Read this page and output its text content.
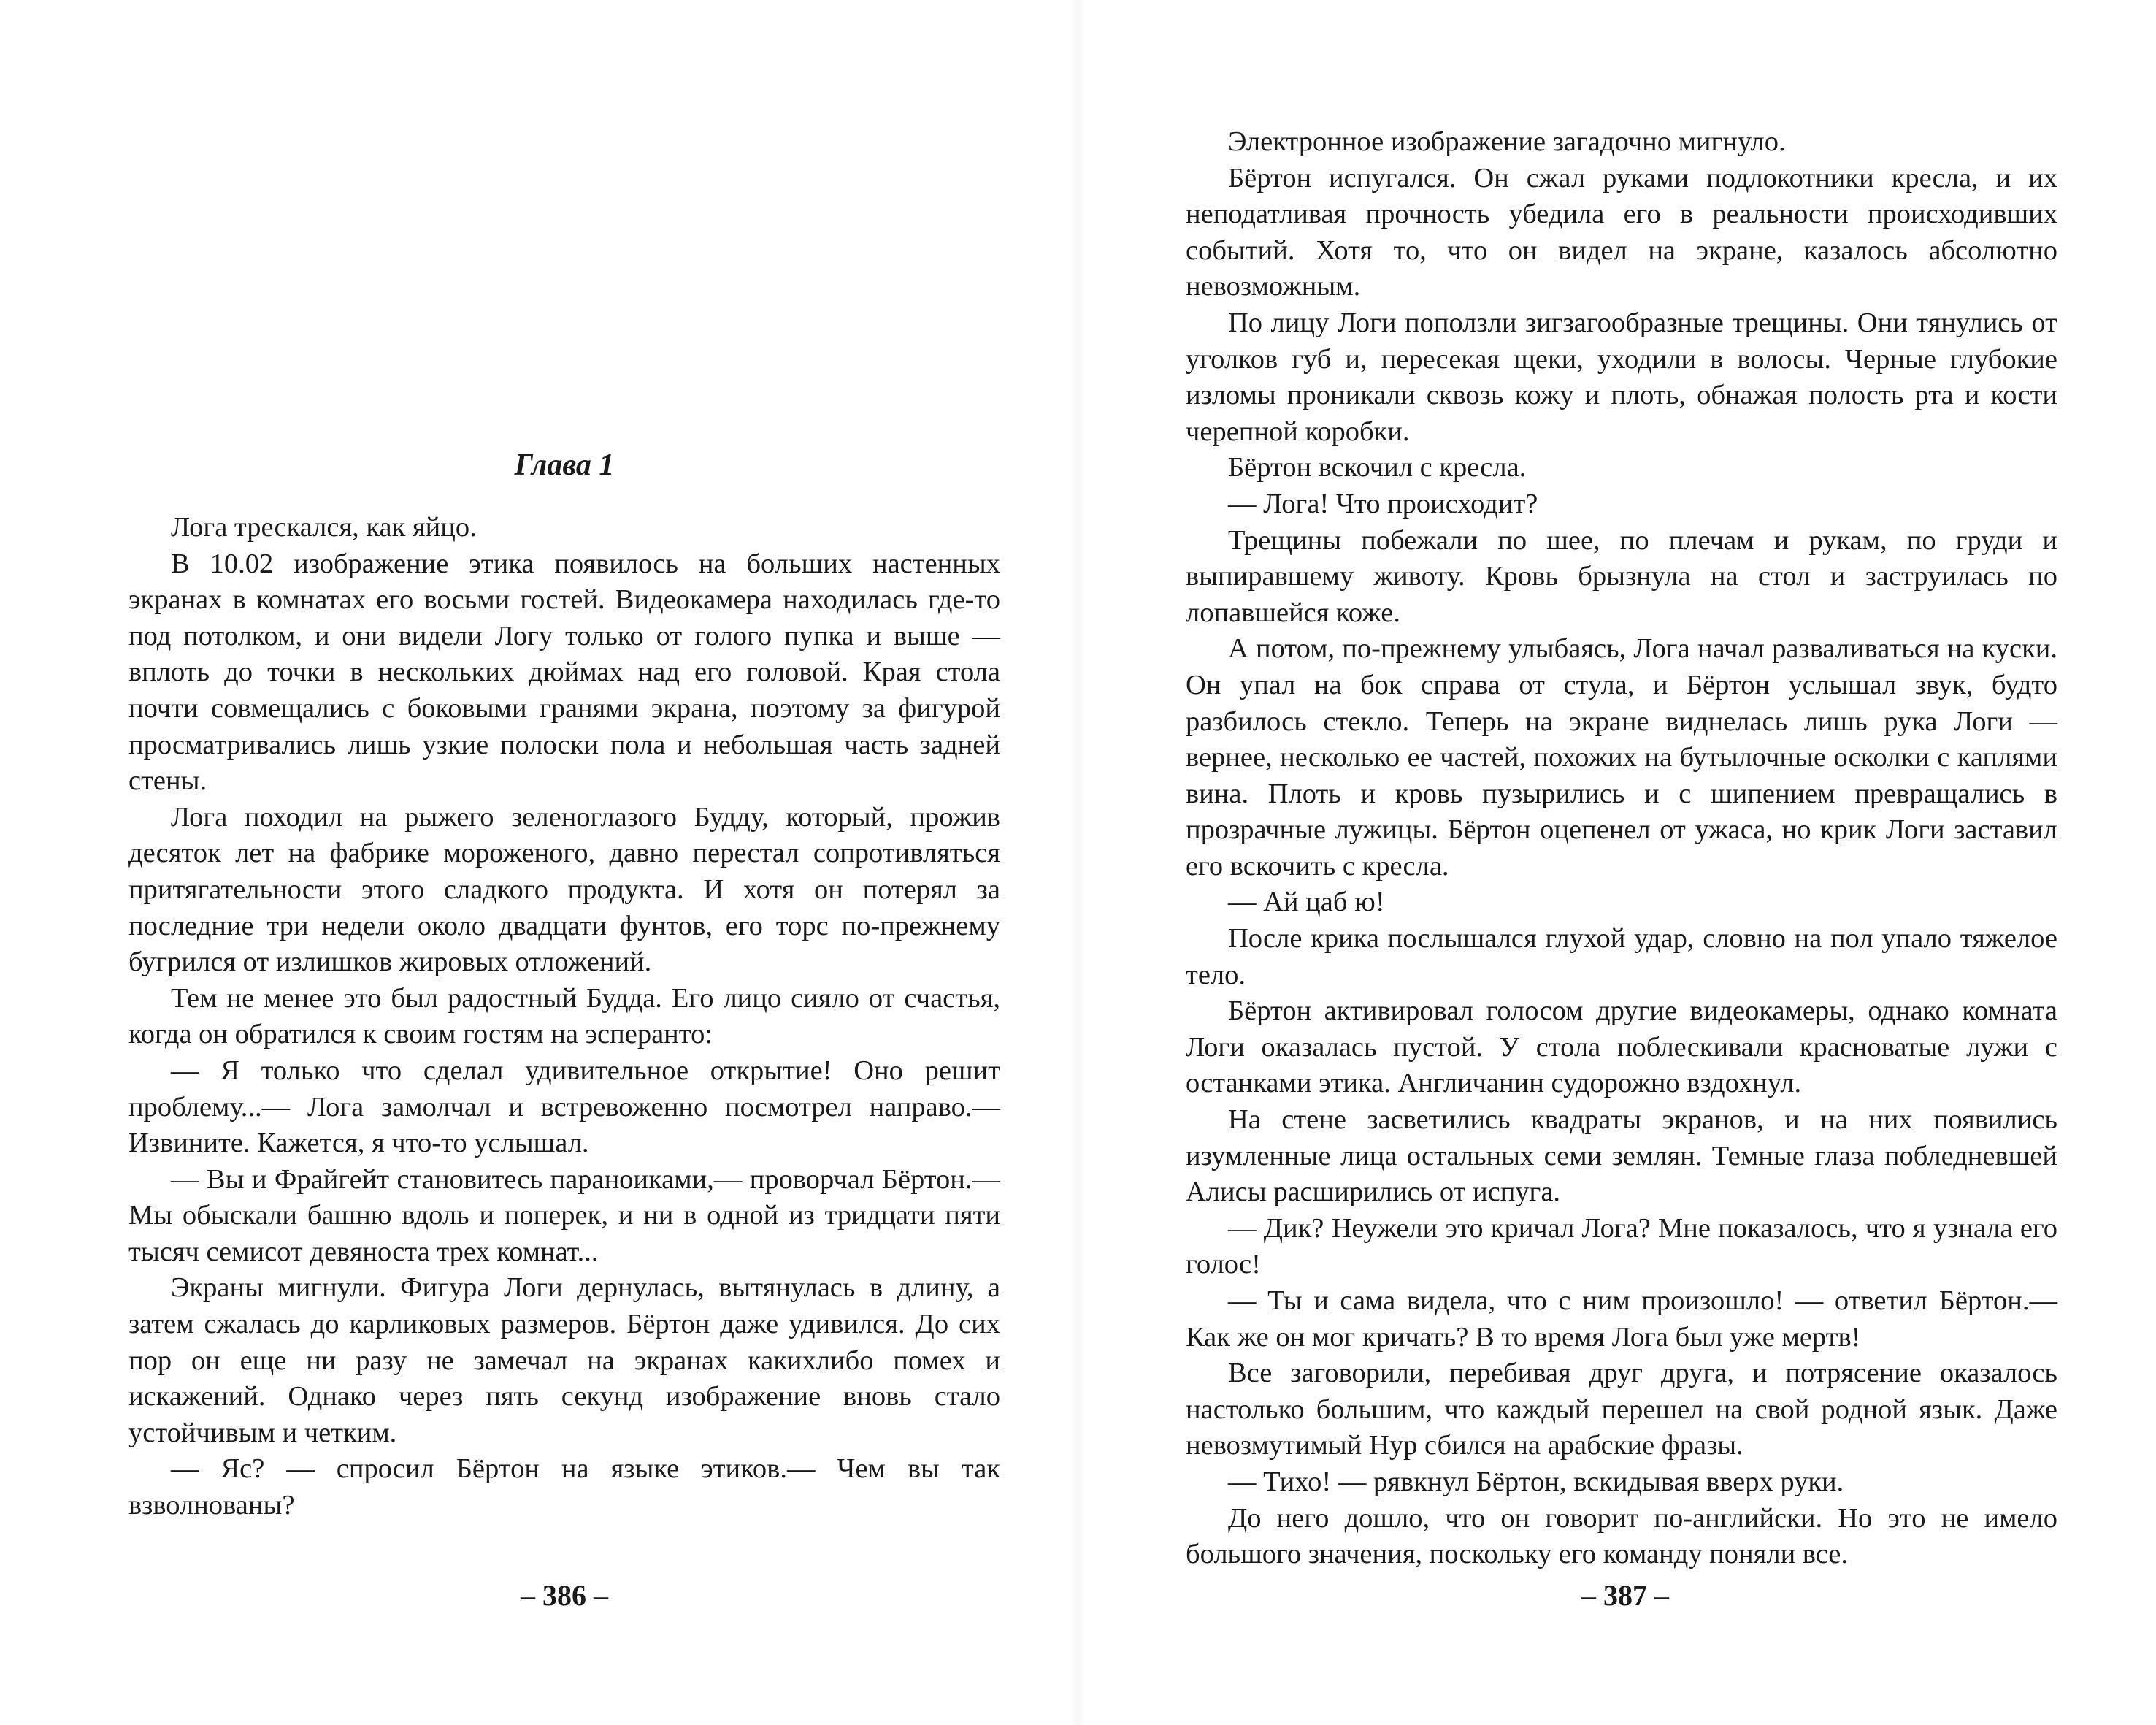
Глава 1

Лога трескался, как яйцо.

В 10.02 изображение этика появилось на больших настенных экранах в комнатах его восьми гостей. Видеокамера находилась где-то под потолком, и они видели Логу только от голого пупка и выше — вплоть до точки в нескольких дюймах над его головой. Края стола почти совмещались с боковыми гранями экрана, поэтому за фигурой просматривались лишь узкие полоски пола и небольшая часть задней стены.

Лога походил на рыжего зеленоглазого Будду, который, прожив десяток лет на фабрике мороженого, давно перестал сопротивляться притягательности этого сладкого продукта. И хотя он потерял за последние три недели около двадцати фунтов, его торс по-прежнему бугрился от излишков жировых отложений.

Тем не менее это был радостный Будда. Его лицо сияло от счастья, когда он обратился к своим гостям на эсперанто:

— Я только что сделал удивительное открытие! Оно решит проблему...— Лога замолчал и встревоженно посмотрел направо.— Извините. Кажется, я что-то услышал.

— Вы и Фрайгейт становитесь параноиками,— проворчал Бёртон.— Мы обыскали башню вдоль и поперек, и ни в одной из тридцати пяти тысяч семисот девяноста трех комнат...

Экраны мигнули. Фигура Логи дернулась, вытянулась в длину, а затем сжалась до карликовых размеров. Бёртон даже удивился. До сих пор он еще ни разу не замечал на экранах какихлибо помех и искажений. Однако через пять секунд изображение вновь стало устойчивым и четким.

— Яс? — спросил Бёртон на языке этиков.— Чем вы так взволнованы?

– 386 –

Электронное изображение загадочно мигнуло.

Бёртон испугался. Он сжал руками подлокотники кресла, и их неподатливая прочность убедила его в реальности происходивших событий. Хотя то, что он видел на экране, казалось абсолютно невозможным.

По лицу Логи поползли зигзагообразные трещины. Они тянулись от уголков губ и, пересекая щеки, уходили в волосы. Черные глубокие изломы проникали сквозь кожу и плоть, обнажая полость рта и кости черепной коробки.

Бёртон вскочил с кресла.

— Лога! Что происходит?

Трещины побежали по шее, по плечам и рукам, по груди и выпиравшему животу. Кровь брызнула на стол и заструилась по лопавшейся коже.

А потом, по-прежнему улыбаясь, Лога начал разваливаться на куски. Он упал на бок справа от стула, и Бёртон услышал звук, будто разбилось стекло. Теперь на экране виднелась лишь рука Логи — вернее, несколько ее частей, похожих на бутылочные осколки с каплями вина. Плоть и кровь пузырились и с шипением превращались в прозрачные лужицы. Бёртон оцепенел от ужаса, но крик Логи заставил его вскочить с кресла.

— Ай цаб ю!

После крика послышался глухой удар, словно на пол упало тяжелое тело.

Бёртон активировал голосом другие видеокамеры, однако комната Логи оказалась пустой. У стола поблескивали красноватые лужи с останками этика. Англичанин судорожно вздохнул.

На стене засветились квадраты экранов, и на них появились изумленные лица остальных семи землян. Темные глаза побледневшей Алисы расширились от испуга.

— Дик? Неужели это кричал Лога? Мне показалось, что я узнала его голос!

— Ты и сама видела, что с ним произошло! — ответил Бёртон.— Как же он мог кричать? В то время Лога был уже мертв!

Все заговорили, перебивая друг друга, и потрясение оказалось настолько большим, что каждый перешел на свой родной язык. Даже невозмутимый Нур сбился на арабские фразы.

— Тихо! — рявкнул Бёртон, вскидывая вверх руки.

До него дошло, что он говорит по-английски. Но это не имело большого значения, поскольку его команду поняли все.

– 387 –
